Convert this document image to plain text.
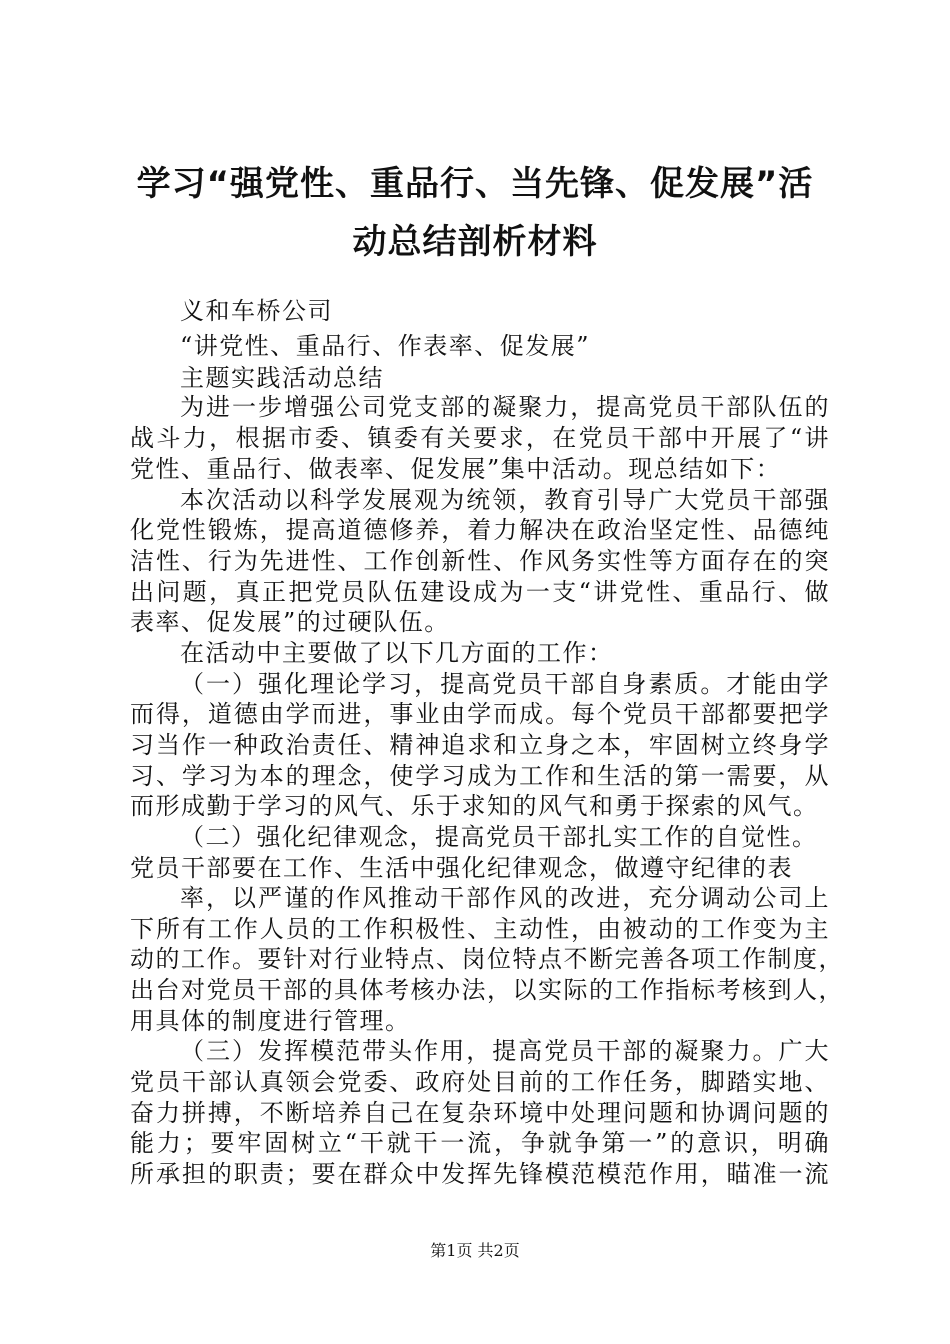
学习“强党性、重品行、当先锋、促发展”活
动总结剖析材料
义和车桥公司
“讲党性、重品行、作表率、促发展”
主题实践活动总结
为进一步增强公司党支部的凝聚力，提高党员干部队伍的
战斗力，根据市委、镇委有关要求，在党员干部中开展了“讲
党性、重品行、做表率、促发展”集中活动。现总结如下：
本次活动以科学发展观为统领，教育引导广大党员干部强
化党性锻炼，提高道德修养，着力解决在政治坚定性、品德纯
洁性、行为先进性、工作创新性、作风务实性等方面存在的突
出问题，真正把党员队伍建设成为一支“讲党性、重品行、做
表率、促发展”的过硬队伍。
在活动中主要做了以下几方面的工作：
（一）强化理论学习，提高党员干部自身素质。才能由学
而得，道德由学而进，事业由学而成。每个党员干部都要把学
习当作一种政治责任、精神追求和立身之本，牢固树立终身学
习、学习为本的理念，使学习成为工作和生活的第一需要，从
而形成勤于学习的风气、乐于求知的风气和勇于探索的风气。
（二）强化纪律观念，提高党员干部扎实工作的自觉性。
党员干部要在工作、生活中强化纪律观念，做遵守纪律的表
率，以严谨的作风推动干部作风的改进，充分调动公司上
下所有工作人员的工作积极性、主动性，由被动的工作变为主
动的工作。要针对行业特点、岗位特点不断完善各项工作制度，
出台对党员干部的具体考核办法，以实际的工作指标考核到人，
用具体的制度进行管理。
（三）发挥模范带头作用，提高党员干部的凝聚力。广大
党员干部认真领会党委、政府处目前的工作任务，脚踏实地、
奋力拼搏，不断培养自己在复杂环境中处理问题和协调问题的
能力；要牢固树立“干就干一流，争就争第一”的意识，明确
所承担的职责；要在群众中发挥先锋模范模范作用，瞄准一流
第1页 共2页
